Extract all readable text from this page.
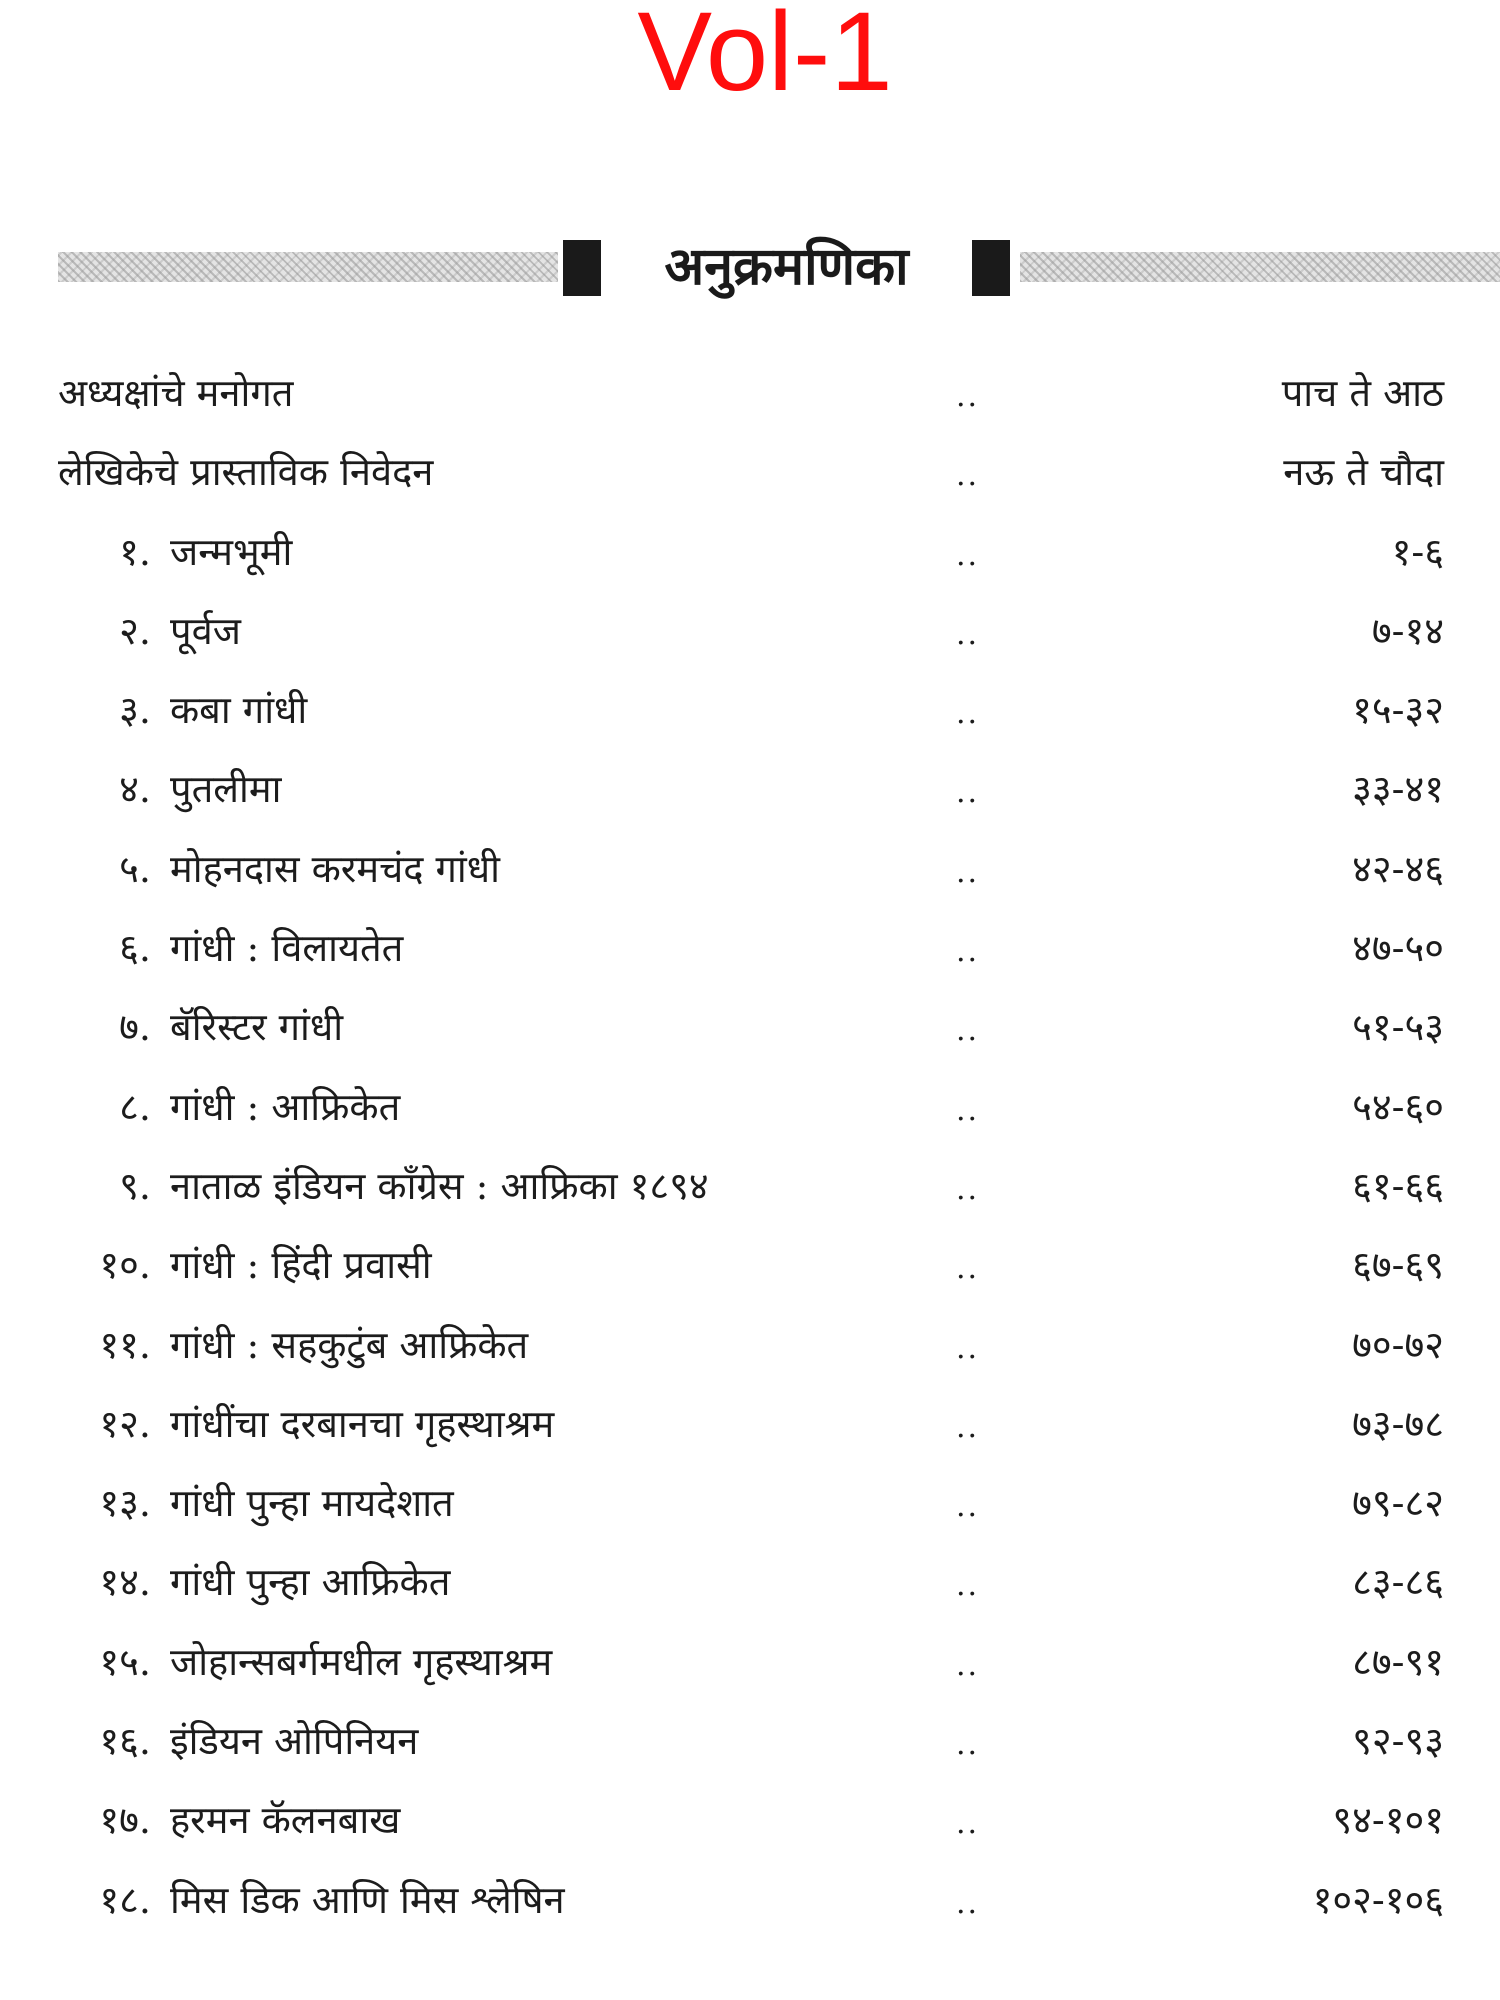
Vol-1
अनुक्रमणिका
अध्यक्षांचे मनोगत	..	पाच ते आठ
लेखिकेचे प्रास्ताविक निवेदन	..	नऊ ते चौदा
१. जन्मभूमी	..	१-६
२. पूर्वज	..	७-१४
३. कबा गांधी	..	१५-३२
४. पुतलीमा	..	३३-४१
५. मोहनदास करमचंद गांधी	..	४२-४६
६. गांधी : विलायतेत	..	४७-५०
७. बॅरिस्टर गांधी	..	५१-५३
८. गांधी : आफ्रिकेत	..	५४-६०
९. नाताळ इंडियन कॉंग्रेस : आफ्रिका १८९४	..	६१-६६
१०. गांधी : हिंदी प्रवासी	..	६७-६९
११. गांधी : सहकुटुंब आफ्रिकेत	..	७०-७२
१२. गांधींचा दरबानचा गृहस्थाश्रम	..	७३-७८
१३. गांधी पुन्हा मायदेशात	..	७९-८२
१४. गांधी पुन्हा आफ्रिकेत	..	८३-८६
१५. जोहान्सबर्गमधील गृहस्थाश्रम	..	८७-९१
१६. इंडियन ओपिनियन	..	९२-९३
१७. हरमन कॅलनबाख	..	९४-१०१
१८. मिस डिक आणि मिस श्लेषिन	..	१०२-१०६
